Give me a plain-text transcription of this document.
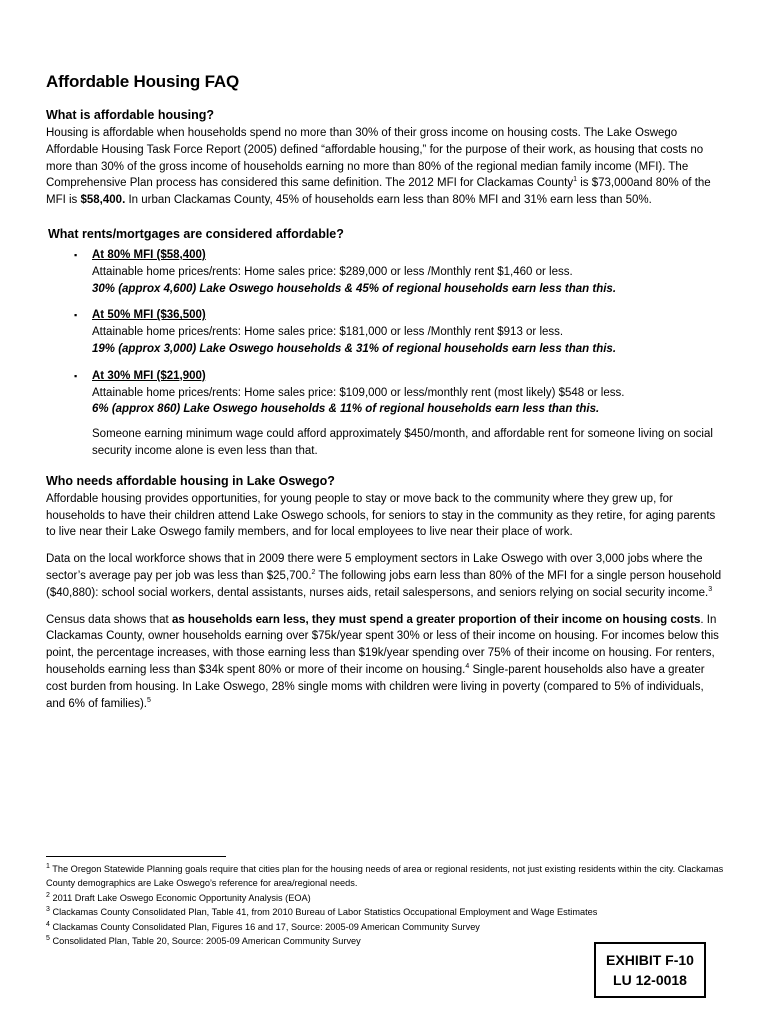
Affordable Housing FAQ
What is affordable housing?

Housing is affordable when households spend no more than 30% of their gross income on housing costs. The Lake Oswego Affordable Housing Task Force Report (2005) defined “affordable housing,” for the purpose of their work, as housing that costs no more than 30% of the gross income of households earning no more than 80% of the regional median family income (MFI). The Comprehensive Plan process has considered this same definition. The 2012 MFI for Clackamas County$^1$ is $73,000and 80% of the MFI is $58,400. In urban Clackamas County, 45% of households earn less than 80% MFI and 31% earn less than 50%.

What rents/mortgages are considered affordable?
▪ At 80% MFI ($58,400)
Attainable home prices/rents: Home sales price: $289,000 or less /Monthly rent $1,460 or less.
30% (approx 4,600) Lake Oswego households & 45% of regional households earn less than this.
▪ At 50% MFI ($36,500)
Attainable home prices/rents: Home sales price: $181,000 or less /Monthly rent $913 or less.
19% (approx 3,000) Lake Oswego households & 31% of regional households earn less than this.
▪ At 30% MFI ($21,900)
Attainable home prices/rents: Home sales price: $109,000 or less/monthly rent (most likely) $548 or less.
6% (approx 860) Lake Oswego households & 11% of regional households earn less than this.
Someone earning minimum wage could afford approximately $450/month, and affordable rent for someone living on social security income alone is even less than that.
Who needs affordable housing in Lake Oswego?

Affordable housing provides opportunities, for young people to stay or move back to the community where they grew up, for households to have their children attend Lake Oswego schools, for seniors to stay in the community as they retire, for aging parents to live near their Lake Oswego family members, and for local employees to live near their place of work.

Data on the local workforce shows that in 2009 there were 5 employment sectors in Lake Oswego with over 3,000 jobs where the sector’s average pay per job was less than $25,700.$^2$ The following jobs earn less than 80% of the MFI for a single person household ($40,880): school social workers, dental assistants, nurses aids, retail salespersons, and seniors relying on social security income.$^3$

Census data shows that as households earn less, they must spend a greater proportion of their income on housing costs. In Clackamas County, owner households earning over $75k/year spent 30% or less of their income on housing. For incomes below this point, the percentage increases, with those earning less than $19k/year spending over 75% of their income on housing. For renters, households earning less than $34k spent 80% or more of their income on housing.$^4$ Single-parent households also have a greater cost burden from housing. In Lake Oswego, 28% single moms with children were living in poverty (compared to 5% of individuals, and 6% of families).$^5$

$^1$ The Oregon Statewide Planning goals require that cities plan for the housing needs of area or regional residents, not just existing residents within the city. Clackamas County demographics are Lake Oswego’s reference for area/regional needs.

$^2$ 2011 Draft Lake Oswego Economic Opportunity Analysis (EOA)

$^3$ Clackamas County Consolidated Plan, Table 41, from 2010 Bureau of Labor Statistics Occupational Employment and Wage Estimates

$^4$ Clackamas County Consolidated Plan, Figures 16 and 17, Source: 2005-09 American Community Survey

$^5$ Consolidated Plan, Table 20, Source: 2005-09 American Community Survey

EXHIBIT F-10
LU 12-0018
